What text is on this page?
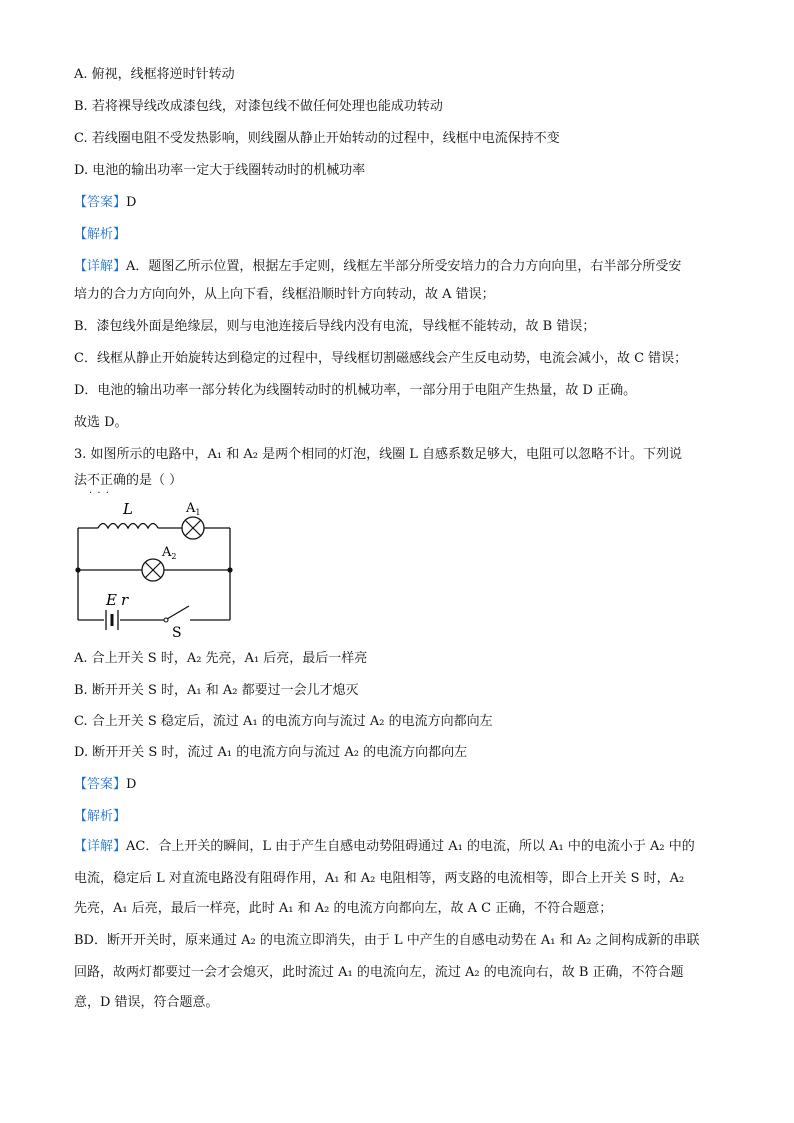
A. 俯视，线框将逆时针转动
B. 若将裸导线改成漆包线，对漆包线不做任何处理也能成功转动
C. 若线圈电阻不受发热影响，则线圈从静止开始转动的过程中，线框中电流保持不变
D. 电池的输出功率一定大于线圈转动时的机械功率
【答案】D
【解析】
【详解】A．题图乙所示位置，根据左手定则，线框左半部分所受安培力的合力方向向里，右半部分所受安
培力的合力方向向外，从上向下看，线框沿顺时针方向转动，故 A 错误；
B．漆包线外面是绝缘层，则与电池连接后导线内没有电流，导线框不能转动，故 B 错误；
C．线框从静止开始旋转达到稳定的过程中，导线框切割磁感线会产生反电动势，电流会减小，故 C 错误；
D．电池的输出功率一部分转化为线圈转动时的机械功率，一部分用于电阻产生热量，故 D 正确。
故选 D。
3. 如图所示的电路中，A₁ 和 A₂ 是两个相同的灯泡，线圈 L 自感系数足够大，电阻可以忽略不计。下列说
法不正确 · · ·的是（ ）
L	$A_1$
$A_2$
E r
S
A. 合上开关 S 时，A₂ 先亮，A₁ 后亮，最后一样亮
B. 断开开关 S 时，A₁ 和 A₂ 都要过一会儿才熄灭
C. 合上开关 S 稳定后，流过 A₁ 的电流方向与流过 A₂ 的电流方向都向左
D. 断开开关 S 时，流过 A₁ 的电流方向与流过 A₂ 的电流方向都向左
【答案】D
【解析】
【详解】AC．合上开关的瞬间，L 由于产生自感电动势阻碍通过 A₁ 的电流，所以 A₁ 中的电流小于 A₂ 中的
电流，稳定后 L 对直流电路没有阻碍作用，A₁ 和 A₂ 电阻相等，两支路的电流相等，即合上开关 S 时，A₂
先亮，A₁ 后亮，最后一样亮，此时 A₁ 和 A₂ 的电流方向都向左，故 A C 正确，不符合题意；
BD．断开开关时，原来通过 A₂ 的电流立即消失，由于 L 中产生的自感电动势在 A₁ 和 A₂ 之间构成新的串联
回路，故两灯都要过一会才会熄灭，此时流过 A₁ 的电流向左，流过 A₂ 的电流向右，故 B 正确，不符合题
意，D 错误，符合题意。
